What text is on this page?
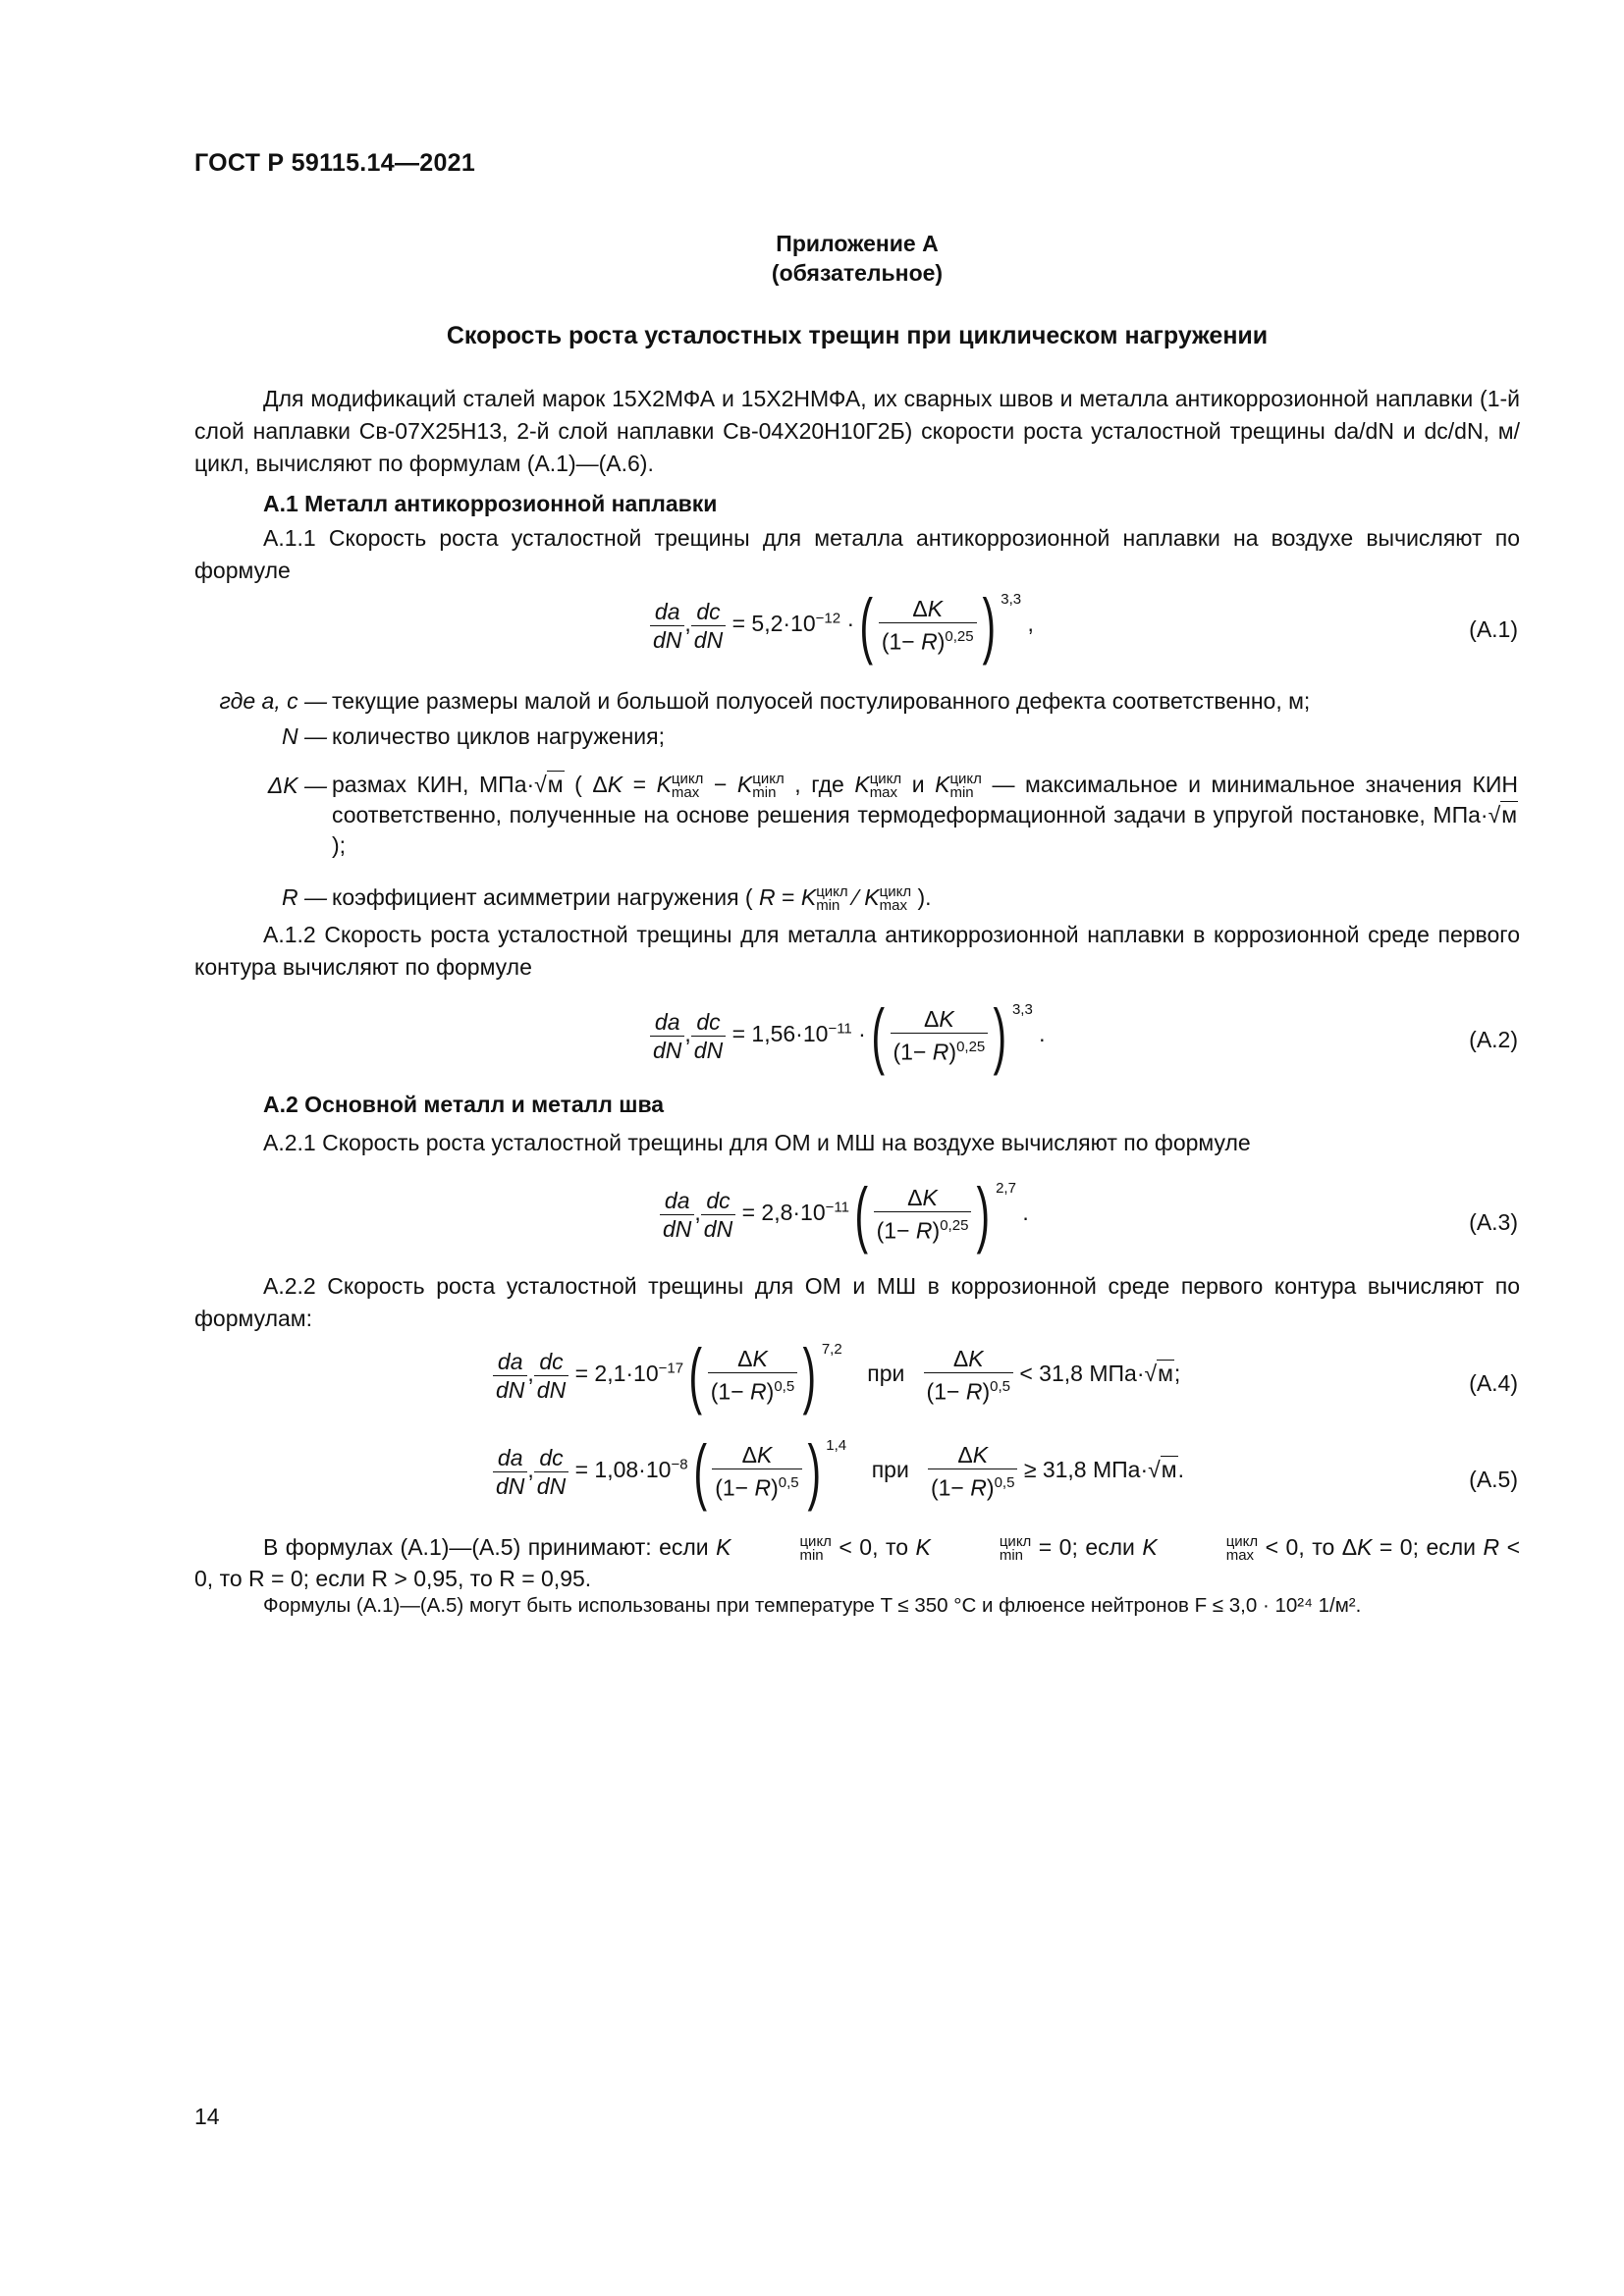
ГОСТ Р 59115.14—2021
Приложение А
(обязательное)
Скорость роста усталостных трещин при циклическом нагружении
Для модификаций сталей марок 15Х2МФА и 15Х2НМФА, их сварных швов и металла антикоррозионной наплавки (1-й слой наплавки Св-07Х25Н13, 2-й слой наплавки Св-04Х20Н10Г2Б) скорости роста усталостной трещины da/dN и dc/dN, м/цикл, вычисляют по формулам (А.1)—(А.6).
А.1 Металл антикоррозионной наплавки
А.1.1 Скорость роста усталостной трещины для металла антикоррозионной наплавки на воздухе вычисляют по формуле
$\frac{da}{dN}$ , $\frac{dc}{dN} = 5,2\cdot 10^{-12}$ ·( $\frac{\Delta K}{(1- R)^{0,25}}$ ) $^{3,3}$ ,	(А.1)
где a, c — текущие размеры малой и большой полуосей постулированного дефекта соответственно, м;
N — количество циклов нагружения;
ΔK — размах КИН, МПа·√м ( ΔK = K цикл
max − K цикл
min , где K цикл
max и K цикл
min — максимальное и минимальное значения КИН соответственно, полученные на основе решения термодеформационной задачи в упругой постановке, МПа·√м );
R — коэффициент асимметрии нагружения ( R = K цикл
min ⁄ K цикл
max ).
А.1.2 Скорость роста усталостной трещины для металла антикоррозионной наплавки в коррозионной среде первого контура вычисляют по формуле
$\frac{da}{dN}$ , $\frac{dc}{dN} = 1,56\cdot 10^{-11}$ ·( $\frac{\Delta K}{(1- R)^{0,25}}$ ) $^{3,3}$ .	(А.2)
А.2 Основной металл и металл шва
А.2.1 Скорость роста усталостной трещины для ОМ и МШ на воздухе вычисляют по формуле
$\frac{da}{dN}$ , $\frac{dc}{dN} = 2,8\cdot 10^{-11}( \frac{\Delta K}{(1- R)^{0,25}}$ ) $^{2,7}$ .	(А.3)
А.2.2 Скорость роста усталостной трещины для ОМ и МШ в коррозионной среде первого контура вычисляют по формулам:
$\frac{da}{dN}$ , $\frac{dc}{dN} = 2,1\cdot 10^{-17}( \frac{\Delta K}{(1- R)^{0,5}}$ ) $^{7,2}$    при $\frac{\Delta K}{(1- R)^{0,5}} < 31,8$ МПа·√м;	(А.4)
$\frac{da}{dN}$ , $\frac{dc}{dN} = 1,08\cdot 10^{-8}( \frac{\Delta K}{(1- R)^{0,5}}$ ) $^{1,4}$    при $\frac{\Delta K}{(1- R)^{0,5}} \ge 31,8$ МПа·√м.	(А.5)
В формулах (А.1)—(А.5) принимают: если K	цикл
min < 0, то K	цикл
min = 0; если K	цикл
max < 0, то ΔK = 0; если R < 0, то R = 0; если R > 0,95, то R = 0,95.
Формулы (А.1)—(А.5) могут быть использованы при температуре T ≤ 350 °С и флюенсе нейтронов F ≤ 3,0 · 10²⁴ 1/м².
14
